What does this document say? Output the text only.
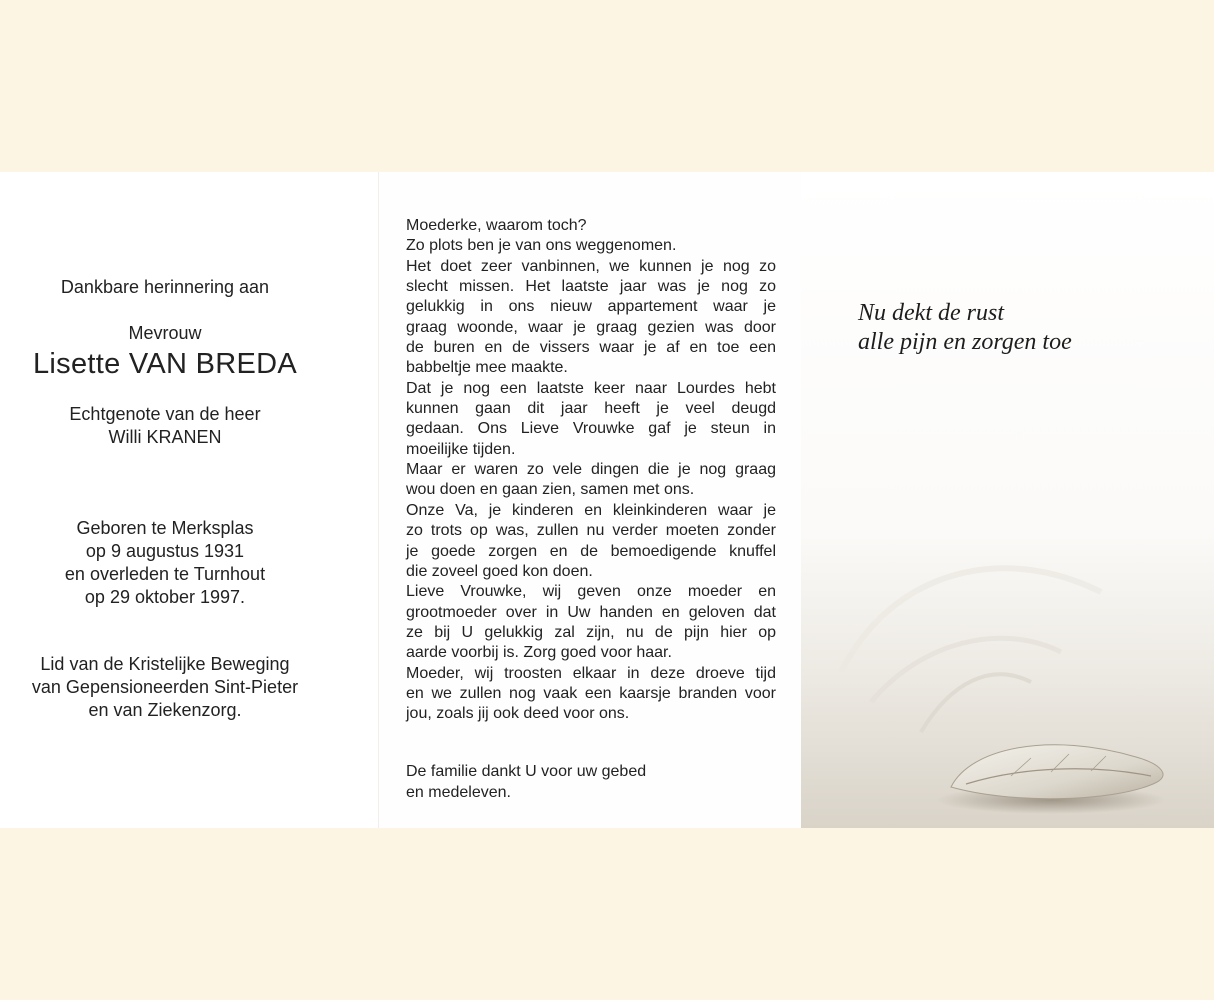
Dankbare herinnering aan
Mevrouw
Lisette VAN BREDA
Echtgenote van de heer
Willi KRANEN
Geboren te Merksplas
op 9 augustus 1931
en overleden te Turnhout
op 29 oktober 1997.
Lid van de Kristelijke Beweging
van Gepensioneerden Sint-Pieter
en van Ziekenzorg.
Moederke, waarom toch?
Zo plots ben je van ons weggenomen.
Het doet zeer vanbinnen, we kunnen je nog zo
slecht missen. Het laatste jaar was je nog zo
gelukkig in ons nieuw appartement waar je
graag woonde, waar je graag gezien was door
de buren en de vissers waar je af en toe een
babbeltje mee maakte.
Dat je nog een laatste keer naar Lourdes hebt
kunnen gaan dit jaar heeft je veel deugd
gedaan. Ons Lieve Vrouwke gaf je steun in
moeilijke tijden.
Maar er waren zo vele dingen die je nog graag
wou doen en gaan zien, samen met ons.
Onze Va, je kinderen en kleinkinderen waar je
zo trots op was, zullen nu verder moeten zonder
je goede zorgen en de bemoedigende knuffel
die zoveel goed kon doen.
Lieve Vrouwke, wij geven onze moeder en
grootmoeder over in Uw handen en geloven dat
ze bij U gelukkig zal zijn, nu de pijn hier op
aarde voorbij is. Zorg goed voor haar.
Moeder, wij troosten elkaar in deze droeve tijd
en we zullen nog vaak een kaarsje branden voor
jou, zoals jij ook deed voor ons.
De familie dankt U voor uw gebed
en medeleven.
Nu dekt de rust
alle pijn en zorgen toe
